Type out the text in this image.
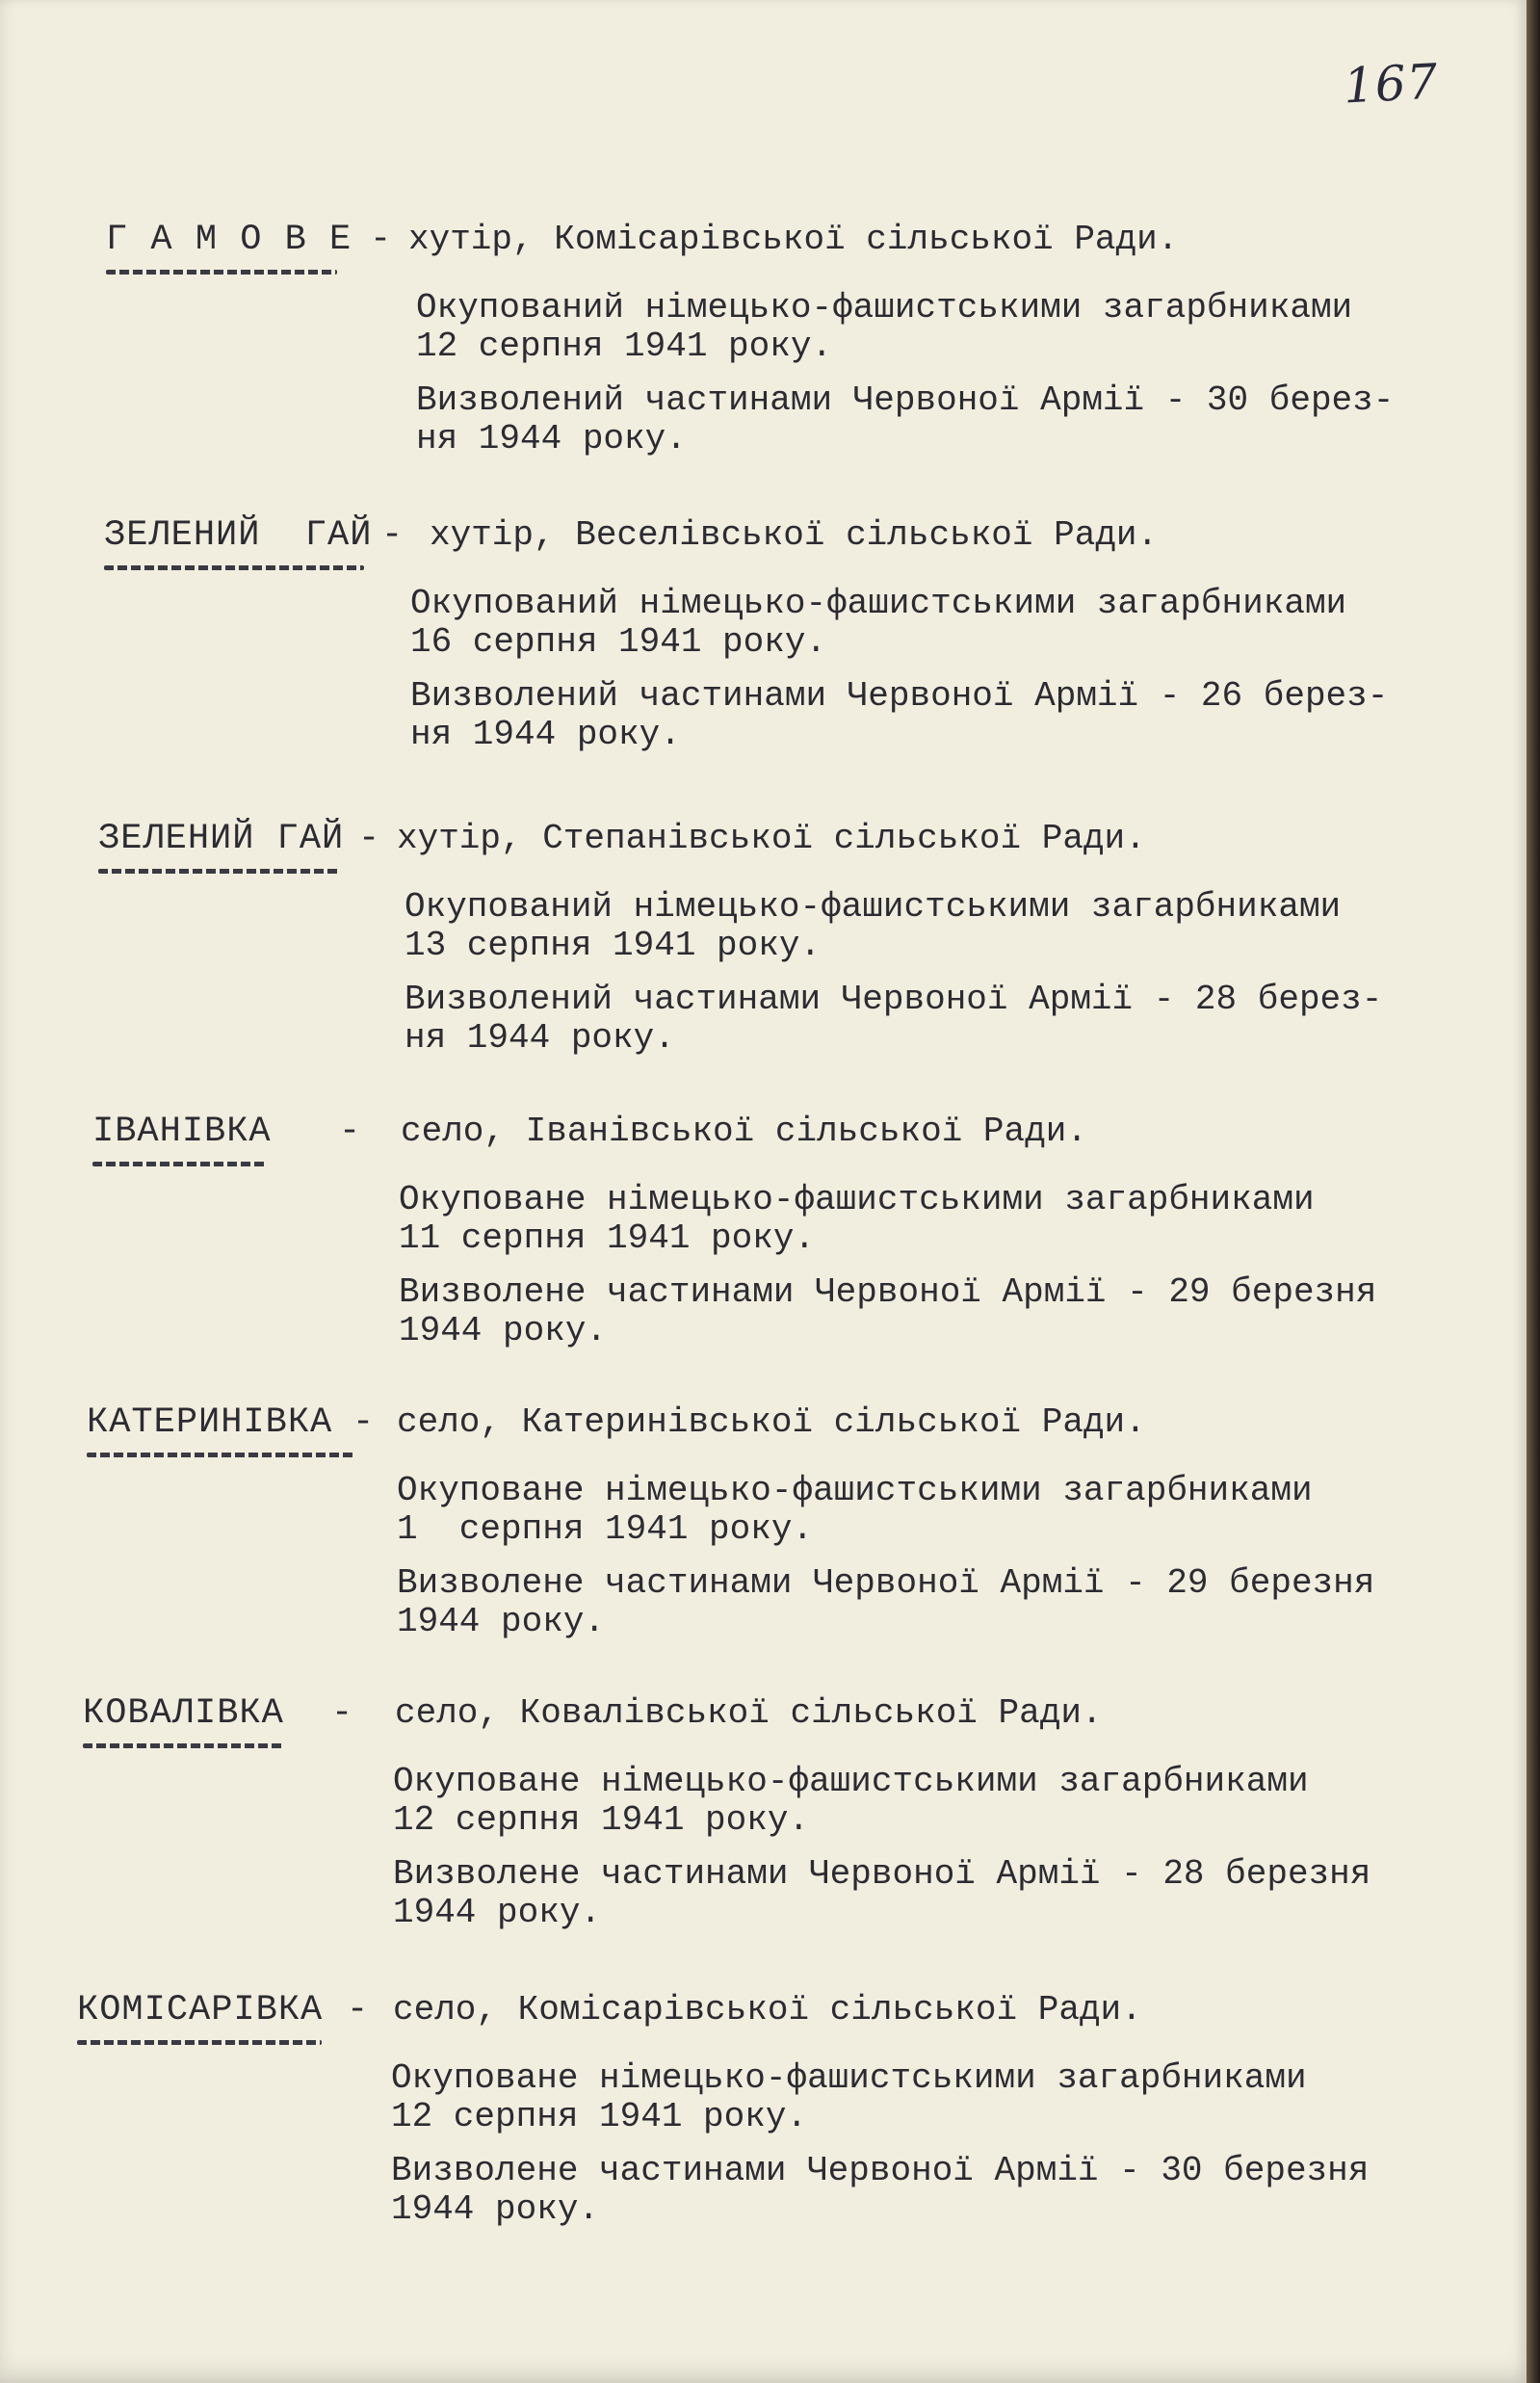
167
Г А М О В Е - хутір, Комісарівської сільської Ради.
Окупований німецько-фашистськими загарбниками
12 серпня 1941 року.
Визволений частинами Червоної Армії - 30 берез-
ня 1944 року.
ЗЕЛЕНИЙ  ГАЙ - хутір, Веселівської сільської Ради.
Окупований німецько-фашистськими загарбниками
16 серпня 1941 року.
Визволений частинами Червоної Армії - 26 берез-
ня 1944 року.
ЗЕЛЕНИЙ ГАЙ - хутір, Степанівської сільської Ради.
Окупований німецько-фашистськими загарбниками
13 серпня 1941 року.
Визволений частинами Червоної Армії - 28 берез-
ня 1944 року.
ІВАНІВКА - село, Іванівської сільської Ради.
Окуповане німецько-фашистськими загарбниками
11 серпня 1941 року.
Визволене частинами Червоної Армії - 29 березня
1944 року.
КАТЕРИНІВКА - село, Катеринівської сільської Ради.
Окуповане німецько-фашистськими загарбниками
1  серпня 1941 року.
Визволене частинами Червоної Армії - 29 березня
1944 року.
КОВАЛІВКА - село, Ковалівської сільської Ради.
Окуповане німецько-фашистськими загарбниками
12 серпня 1941 року.
Визволене частинами Червоної Армії - 28 березня
1944 року.
КОМІСАРІВКА - село, Комісарівської сільської Ради.
Окуповане німецько-фашистськими загарбниками
12 серпня 1941 року.
Визволене частинами Червоної Армії - 30 березня
1944 року.
